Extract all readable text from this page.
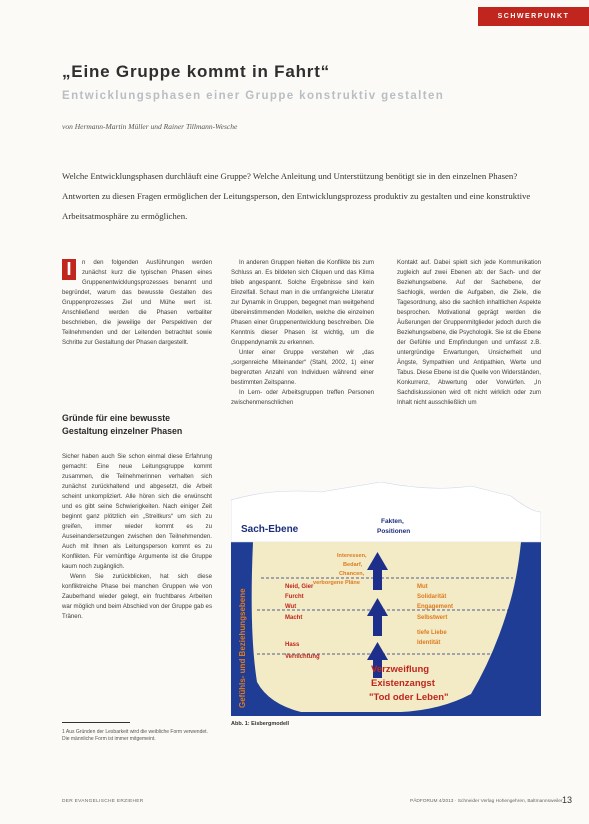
SCHWERPUNKT
„Eine Gruppe kommt in Fahrt“
Entwicklungsphasen einer Gruppe konstruktiv gestalten
von Hermann-Martin Müller und Rainer Tillmann-Wesche
Welche Entwicklungsphasen durchläuft eine Gruppe? Welche Anleitung und Unterstützung benötigt sie in den einzelnen Phasen? Antworten zu diesen Fragen ermöglichen der Leitungsperson, den Entwicklungsprozess produktiv zu gestalten und eine konstruktive Arbeitsatmosphäre zu ermöglichen.

I	n den folgenden Ausführungen werden zunächst kurz die typischen Phasen eines Gruppenentwicklungsprozesses benannt und begründet, warum das bewusste Gestalten des Gruppenprozesses Ziel und Mühe wert ist. Anschließend werden die Phasen verbaliter beschrieben, die jeweilige der Perspektiven der Teilnehmenden und der Leitenden betrachtet sowie Schritte zur Gestaltung der Phasen dargestellt.

Gründe für eine bewusste Gestaltung einzelner Phasen

Sicher haben auch Sie schon einmal diese Erfahrung gemacht: Eine neue Leitungsgruppe kommt zusammen, die Teilnehmerinnen verhalten sich zunächst zurückhaltend und abgesetzt, die Arbeit scheint unkompliziert. Alle hören sich die erwünscht und es gibt seine Schwierigkeiten. Nach einiger Zeit beginnt ganz plötzlich ein „Streitkurs“ um sich zu greifen, immer wieder kommt es zu Auseinandersetzungen zwischen den Teilnehmenden. Auch mit Ihnen als Leitungsperson kommt es zu Konflikten. Für vernünftige Argumente ist die Gruppe kaum noch zugänglich.

Wenn Sie zurückblicken, hat sich diese konfliktreiche Phase bei manchen Gruppen wie von Zauberhand wieder gelegt, ein fruchtbares Arbeiten war möglich und beim Abschied von der Gruppe gab es Tränen.

1 Aus Gründen der Lesbarkeit wird die weibliche Form verwendet. Die männliche Form ist immer mitgemeint.

In anderen Gruppen hielten die Konflikte bis zum Schluss an. Es bildeten sich Cliquen und das Klima blieb angespannt. Solche Ergebnisse sind kein Einzelfall. Schaut man in die umfangreiche Literatur zur Dynamik in Gruppen, begegnet man weitgehend übereinstimmenden Modellen, welche die einzelnen Phasen einer Gruppenentwicklung beschreiben. Die Kenntnis dieser Phasen ist wichtig, um die Gruppendynamik zu erkennen.

Unter einer Gruppe verstehen wir „das „sorgenreiche Miteinander“ (Stahl, 2002, 1) einer begrenzten Anzahl von Individuen während einer bestimmten Zeitspanne.

In Lern- oder Arbeitsgruppen treffen Personen zwischenmenschlichen

Kontakt auf. Dabei spielt sich jede Kommunikation zugleich auf zwei Ebenen ab: der Sach- und der Beziehungsebene. Auf der Sachebene, der Sachlogik, werden die Aufgaben, die Ziele, die Tagesordnung, also die sachlich inhaltlichen Aspekte besprochen. Motivational geprägt werden die Äußerungen der Gruppenmitglieder jedoch durch die Beziehungsebene, die Psychologik. Sie ist die Ebene der Gefühle und Empfindungen und umfasst z.B. untergründige Erwartungen, Unsicherheit und Ängste, Sympathien und Antipathien, Werte und Tabus. Diese Ebene ist die Quelle von Widerständen, Konkurrenz, Abwertung oder Vorwürfen. „In Sachdiskussionen wird oft nicht wirklich oder zum Inhalt nicht ausschließlich um

Sach-Ebene
Fakten,
Positionen
Gefühls- und Beziehungsebene
Interessen,
Bedarf,
Chancen,
verborgene Pläne
Neid, Gier
Furcht
Wut
Macht
Mut
Solidarität
Engagement
Selbstwert
Hass
Vernichtung
tiefe Liebe
Identität
Verzweiflung
Existenzangst
"Tod oder Leben"
Abb. 1: Eisbergmodell
DER EVANGELISCHE ERZIEHER	PÄDFORUM 4/2013 · Schneider Verlag Hohengehren, Baltmannsweiler 13
